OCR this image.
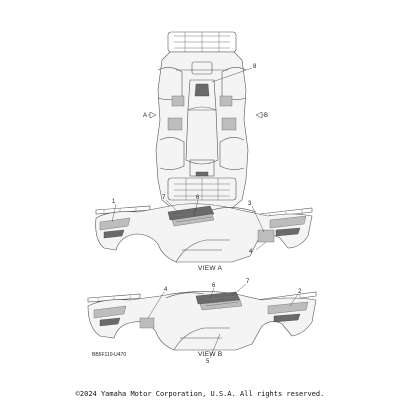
8
A	B
1
7	6
3
4
VIEW A
4
6
7
2
5
VIEW B
BB5F110-U470
©2024 Yamaha Motor Corporation, U.S.A. All rights reserved.
